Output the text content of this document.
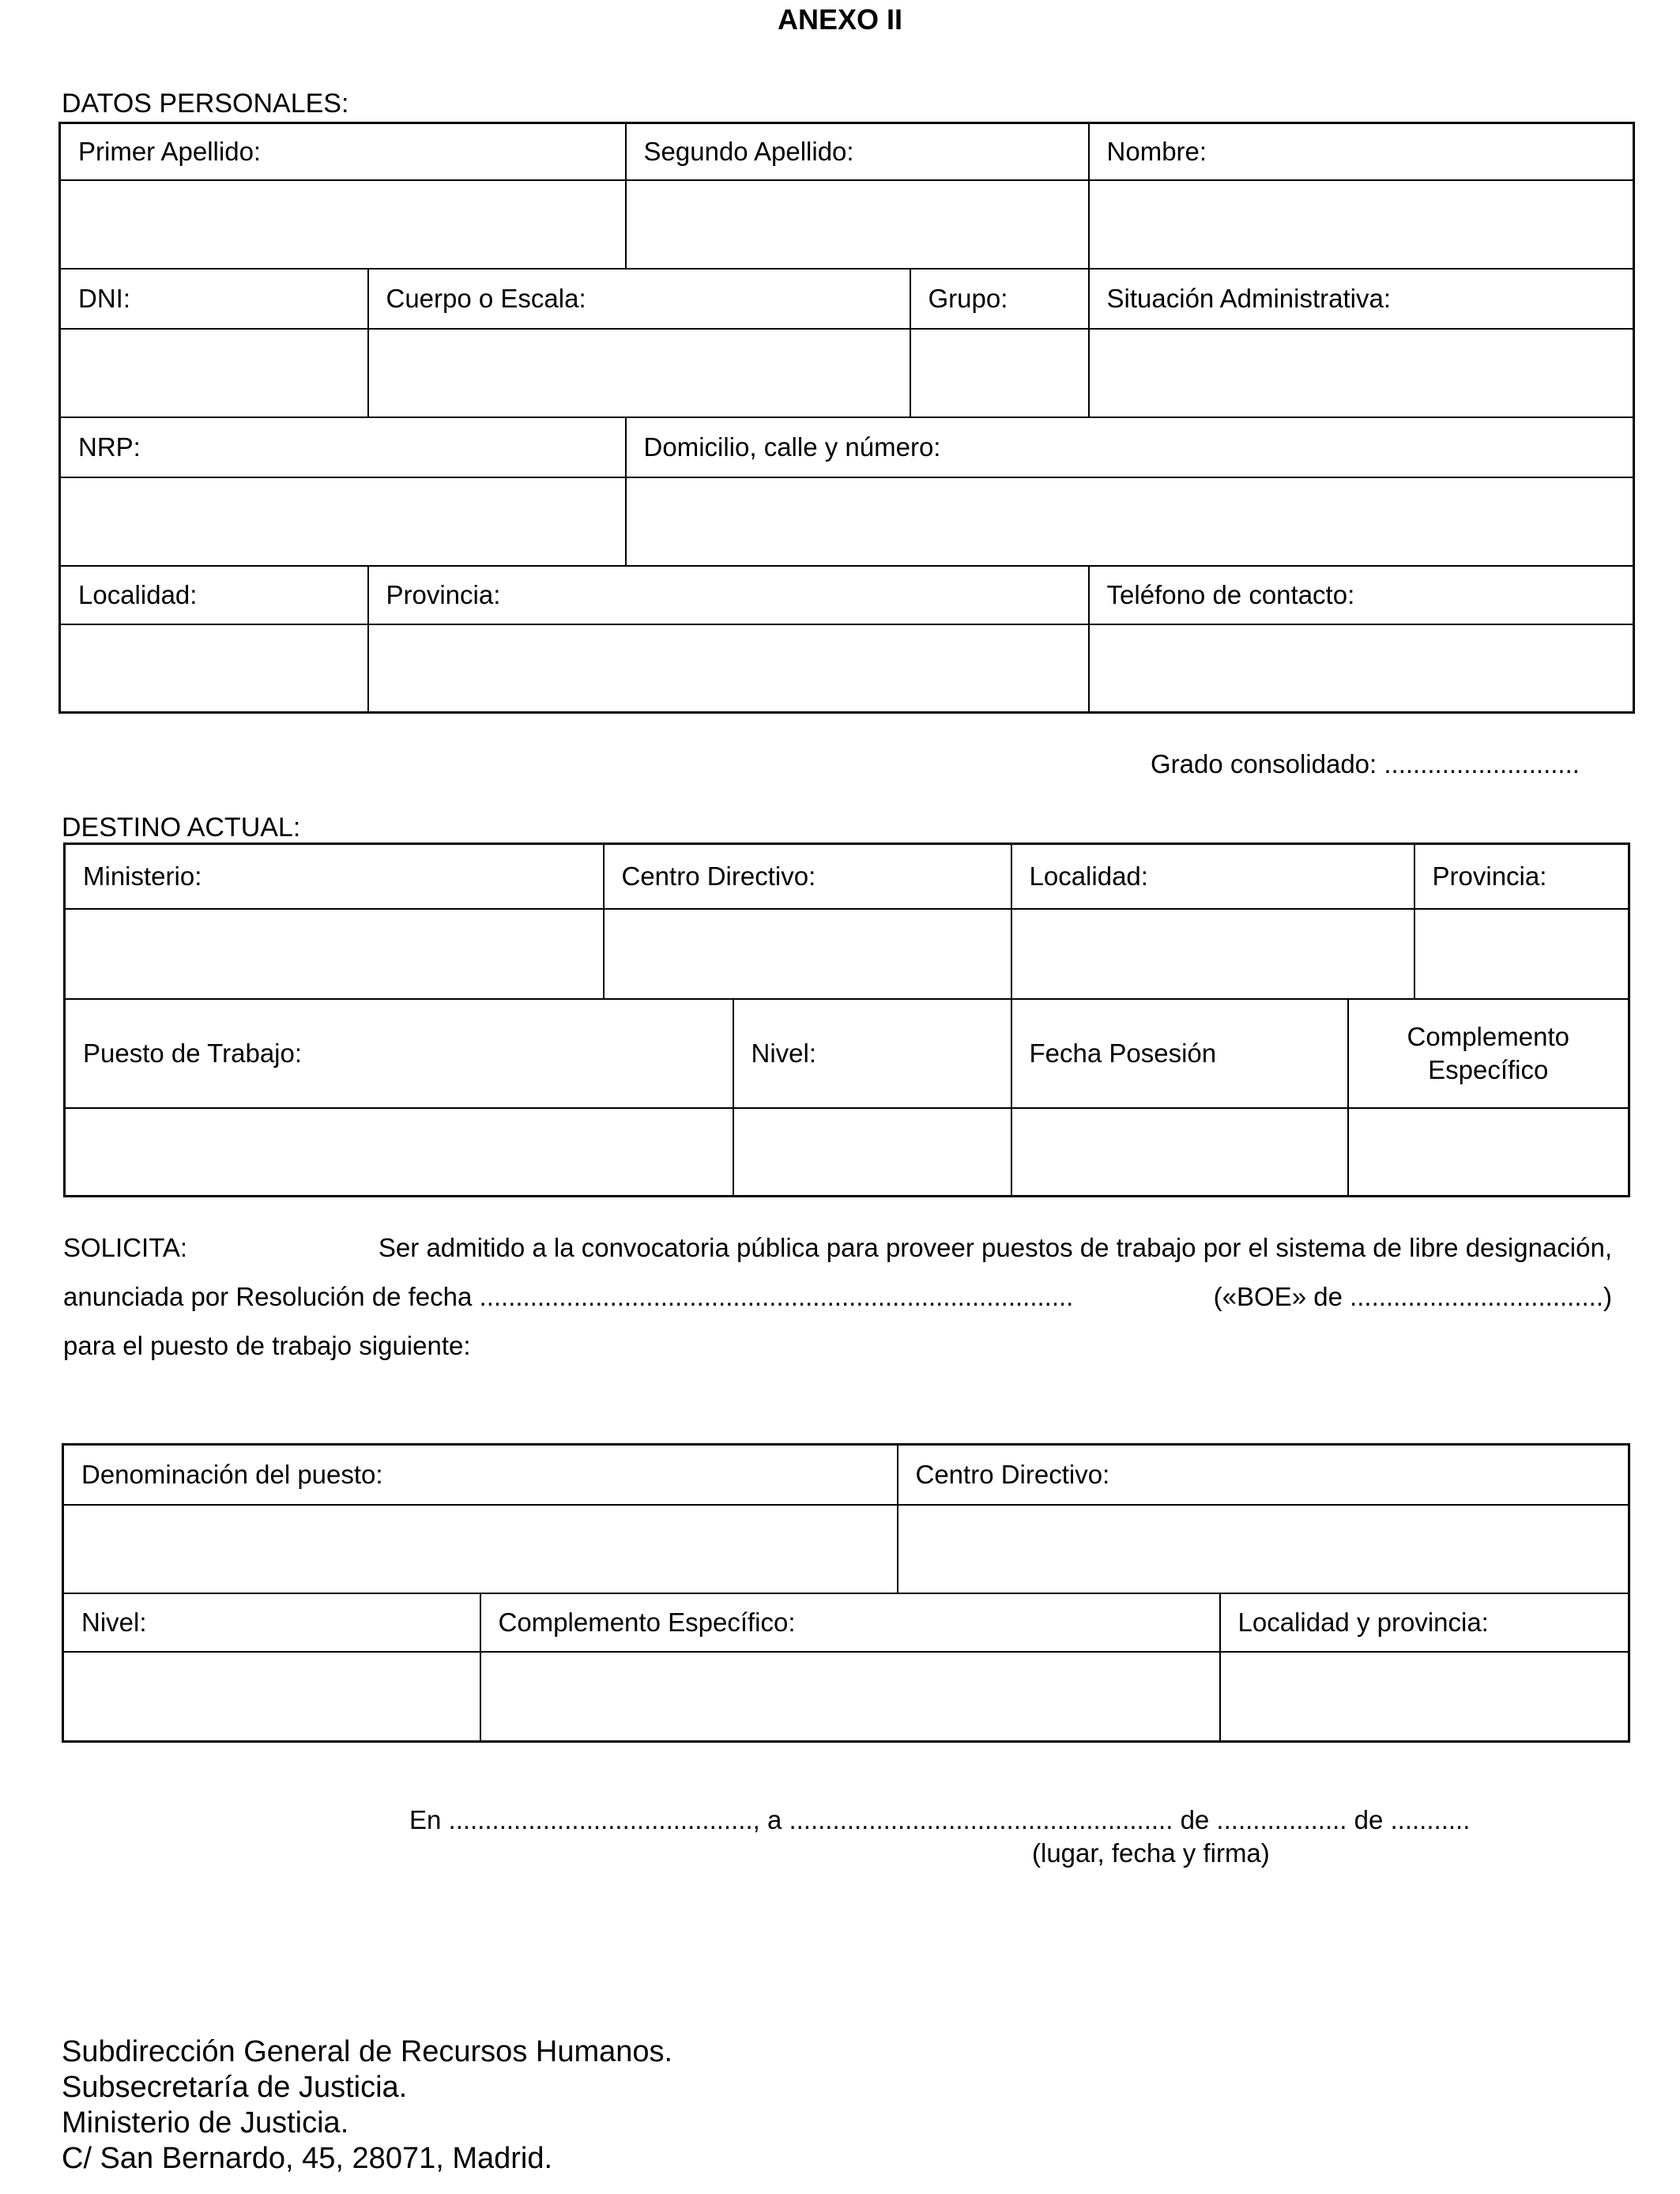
ANEXO II
DATOS PERSONALES:
Primer Apellido:		Segundo Apellido:		Nombre:

DNI:	Cuerpo o Escala:		Grupo:	Situación Administrativa:

NRP:		Domicilio, calle y número:		

Localidad:	Provincia:			Teléfono de contacto:

Grado consolidado: ...........................
DESTINO ACTUAL:
Ministerio:	Centro Directivo:		Localidad:		Provincia:

Puesto de Trabajo:		Nivel:	Fecha Posesión	Complemento Específico	

SOLICITA:	Ser admitido a la convocatoria pública para proveer puestos de trabajo por el sistema de libre designación,
anunciada por Resolución de fecha ..................................................................................	(«BOE» de ...................................)
para el puesto de trabajo siguiente:
Denominación del puesto:		Centro Directivo:	

Nivel:	Complemento Específico:		Localidad y provincia:

En .........................................., a ..................................................... de .................. de ...........
(lugar, fecha y firma)
Subdirección General de Recursos Humanos.
Subsecretaría de Justicia.
Ministerio de Justicia.
C/ San Bernardo, 45, 28071, Madrid.
